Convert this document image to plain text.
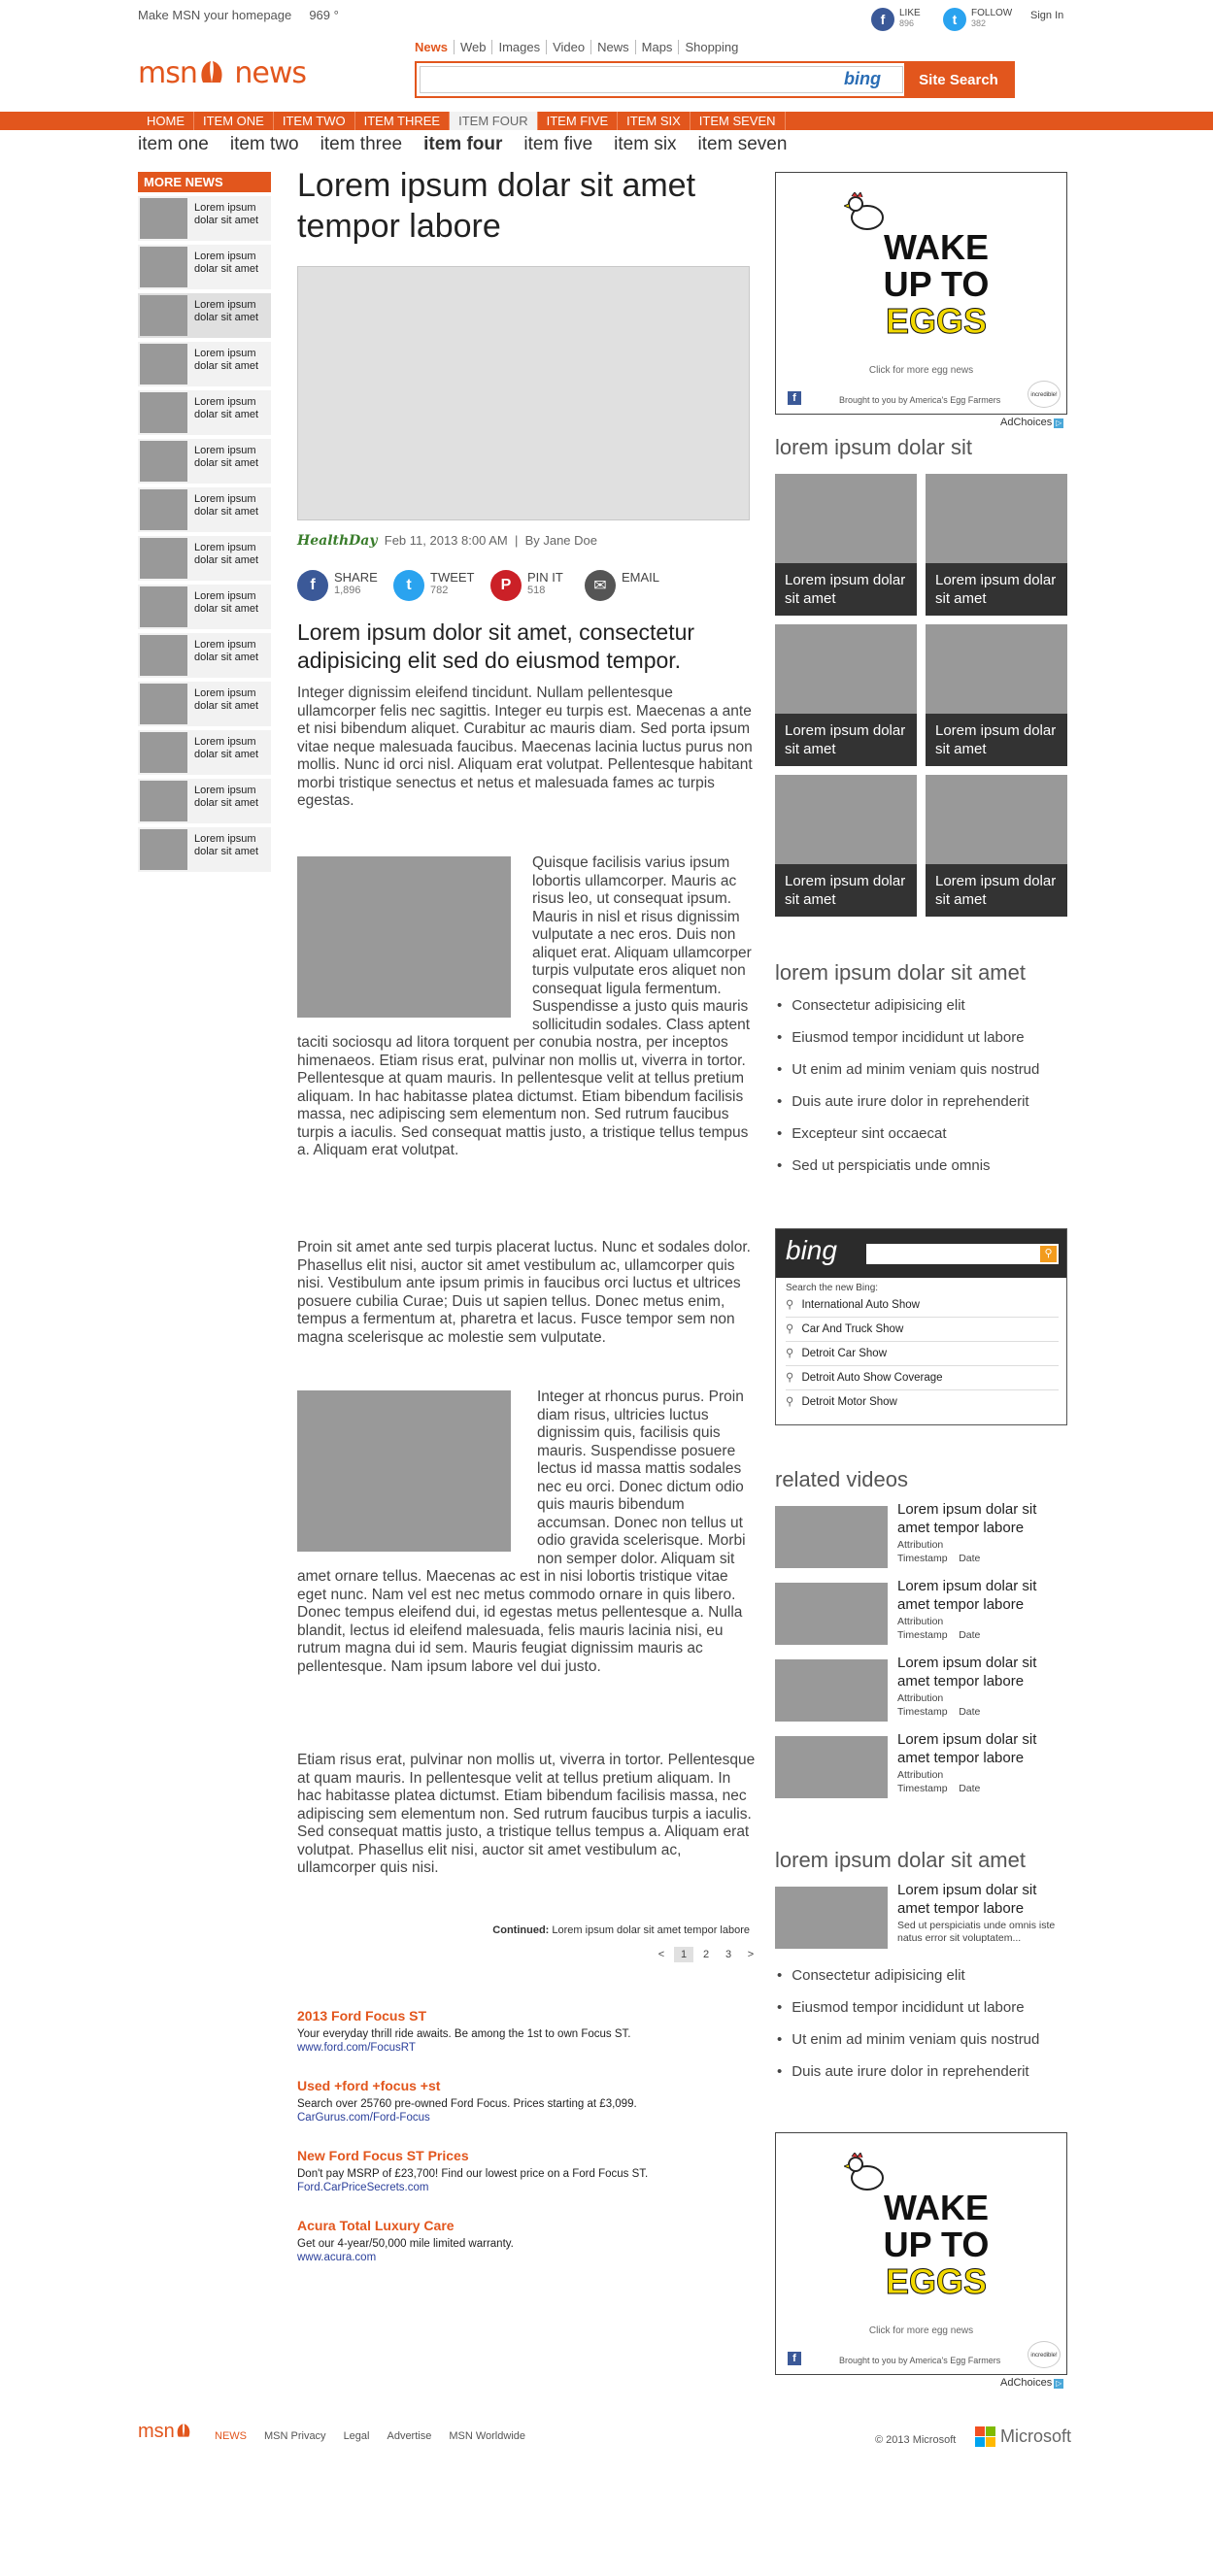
Make MSN your homepage 969 °	f	LIKE
896	t	FOLLOW
382
Sign In
msn news
News Web Images Video News Maps Shopping
bing	Site Search
HOME	ITEM ONE	ITEM TWO	ITEM THREE	ITEM FOUR	ITEM FIVE	ITEM SIX	ITEM SEVEN
item one item two item three item four item five item six item seven
MORE NEWS
Lorem ipsum dolar sit amet
Lorem ipsum dolar sit amet
Lorem ipsum dolar sit amet
Lorem ipsum dolar sit amet
Lorem ipsum dolar sit amet
Lorem ipsum dolar sit amet
Lorem ipsum dolar sit amet
Lorem ipsum dolar sit amet
Lorem ipsum dolar sit amet
Lorem ipsum dolar sit amet
Lorem ipsum dolar sit amet
Lorem ipsum dolar sit amet
Lorem ipsum dolar sit amet
Lorem ipsum dolar sit amet
Lorem ipsum dolar sit amet tempor labore
HealthDay Feb 11, 2013 8:00 AM  |  By Jane Doe
f	SHARE
1,896	t	TWEET
782	P	PIN IT
518	✉
EMAIL
Lorem ipsum dolor sit amet, consectetur adipisicing elit sed do eiusmod tempor.
Integer dignissim eleifend tincidunt. Nullam pellentesque ullamcorper felis nec sagittis. Integer eu turpis est. Maecenas a ante et nisi bibendum aliquet. Curabitur ac mauris diam. Sed porta ipsum vitae neque malesuada faucibus. Maecenas lacinia luctus purus non mollis. Nunc id orci nisl. Aliquam erat volutpat. Pellentesque habitant morbi tristique senectus et netus et malesuada fames ac turpis egestas.
Quisque facilisis varius ipsum lobortis ullamcorper. Mauris ac risus leo, ut consequat ipsum. Mauris in nisl et risus dignissim vulputate a nec eros. Duis non aliquet erat. Aliquam ullamcorper turpis vulputate eros aliquet non consequat ligula fermentum. Suspendisse a justo quis mauris sollicitudin sodales. Class aptent taciti sociosqu ad litora torquent per conubia nostra, per inceptos himenaeos. Etiam risus erat, pulvinar non mollis ut, viverra in tortor. Pellentesque at quam mauris. In pellentesque velit at tellus pretium aliquam. In hac habitasse platea dictumst. Etiam bibendum facilisis massa, nec adipiscing sem elementum non. Sed rutrum faucibus turpis a iaculis. Sed consequat mattis justo, a tristique tellus tempus a. Aliquam erat volutpat.
Proin sit amet ante sed turpis placerat luctus. Nunc et sodales dolor. Phasellus elit nisi, auctor sit amet vestibulum ac, ullamcorper quis nisi. Vestibulum ante ipsum primis in faucibus orci luctus et ultrices posuere cubilia Curae; Duis ut sapien tellus. Donec metus enim, tempus a fermentum at, pharetra et lacus. Fusce tempor sem non magna scelerisque ac molestie sem vulputate.
Integer at rhoncus purus. Proin diam risus, ultricies luctus dignissim quis, facilisis quis mauris. Suspendisse posuere lectus id massa mattis sodales nec eu orci. Donec dictum odio quis mauris bibendum accumsan. Donec non tellus ut odio gravida scelerisque. Morbi non semper dolor. Aliquam sit amet ornare tellus. Maecenas ac est in nisi lobortis tristique vitae eget nunc. Nam vel est nec metus commodo ornare in quis libero. Donec tempus eleifend dui, id egestas metus pellentesque a. Nulla blandit, lectus id eleifend malesuada, felis mauris lacinia nisi, eu rutrum magna dui id sem. Mauris feugiat dignissim mauris ac pellentesque. Nam ipsum labore vel dui justo.
Etiam risus erat, pulvinar non mollis ut, viverra in tortor. Pellentesque at quam mauris. In pellentesque velit at tellus pretium aliquam. In hac habitasse platea dictumst. Etiam bibendum facilisis massa, nec adipiscing sem elementum non. Sed rutrum faucibus turpis a iaculis. Sed consequat mattis justo, a tristique tellus tempus a. Aliquam erat volutpat. Phasellus elit nisi, auctor sit amet vestibulum ac, ullamcorper quis nisi.
Continued: Lorem ipsum dolar sit amet tempor labore
<	1	2	3	>
2013 Ford Focus ST
Your everyday thrill ride awaits. Be among the 1st to own Focus ST.
www.ford.com/FocusRT
Used +ford +focus +st
Search over 25760 pre-owned Ford Focus. Prices starting at £3,099.
CarGurus.com/Ford-Focus
New Ford Focus ST Prices
Don't pay MSRP of £23,700! Find our lowest price on a Ford Focus ST.
Ford.CarPriceSecrets.com
Acura Total Luxury Care
Get our 4-year/50,000 mile limited warranty.
www.acura.com
WAKE
UP TO
EGGS
Click for more egg news
f	Brought to you by America's Egg Farmers	incredible!
AdChoices ▷
lorem ipsum dolar sit
Lorem ipsum dolar sit amet
Lorem ipsum dolar sit amet
Lorem ipsum dolar sit amet
Lorem ipsum dolar sit amet
Lorem ipsum dolar sit amet
Lorem ipsum dolar sit amet
lorem ipsum dolar sit amet
• Consectetur adipisicing elit
• Eiusmod tempor incididunt ut labore
• Ut enim ad minim veniam quis nostrud
• Duis aute irure dolor in reprehenderit
• Excepteur sint occaecat
• Sed ut perspiciatis unde omnis
bing	⚲
Search the new Bing:
⚲ International Auto Show
⚲ Car And Truck Show
⚲ Detroit Car Show
⚲ Detroit Auto Show Coverage
⚲ Detroit Motor Show
related videos
Lorem ipsum dolar sit amet tempor labore
Attribution
Timestamp Date
Lorem ipsum dolar sit amet tempor labore
Attribution
Timestamp Date
Lorem ipsum dolar sit amet tempor labore
Attribution
Timestamp Date
Lorem ipsum dolar sit amet tempor labore
Attribution
Timestamp Date
lorem ipsum dolar sit amet
Lorem ipsum dolar sit amet tempor labore
Sed ut perspiciatis unde omnis iste natus error sit voluptatem...
• Consectetur adipisicing elit
• Eiusmod tempor incididunt ut labore
• Ut enim ad minim veniam quis nostrud
• Duis aute irure dolor in reprehenderit
WAKE
UP TO
EGGS
Click for more egg news
f	Brought to you by America's Egg Farmers	incredible!
AdChoices ▷
msn	NEWS MSN Privacy Legal Advertise MSN Worldwide	© 2013 Microsoft	Microsoft
